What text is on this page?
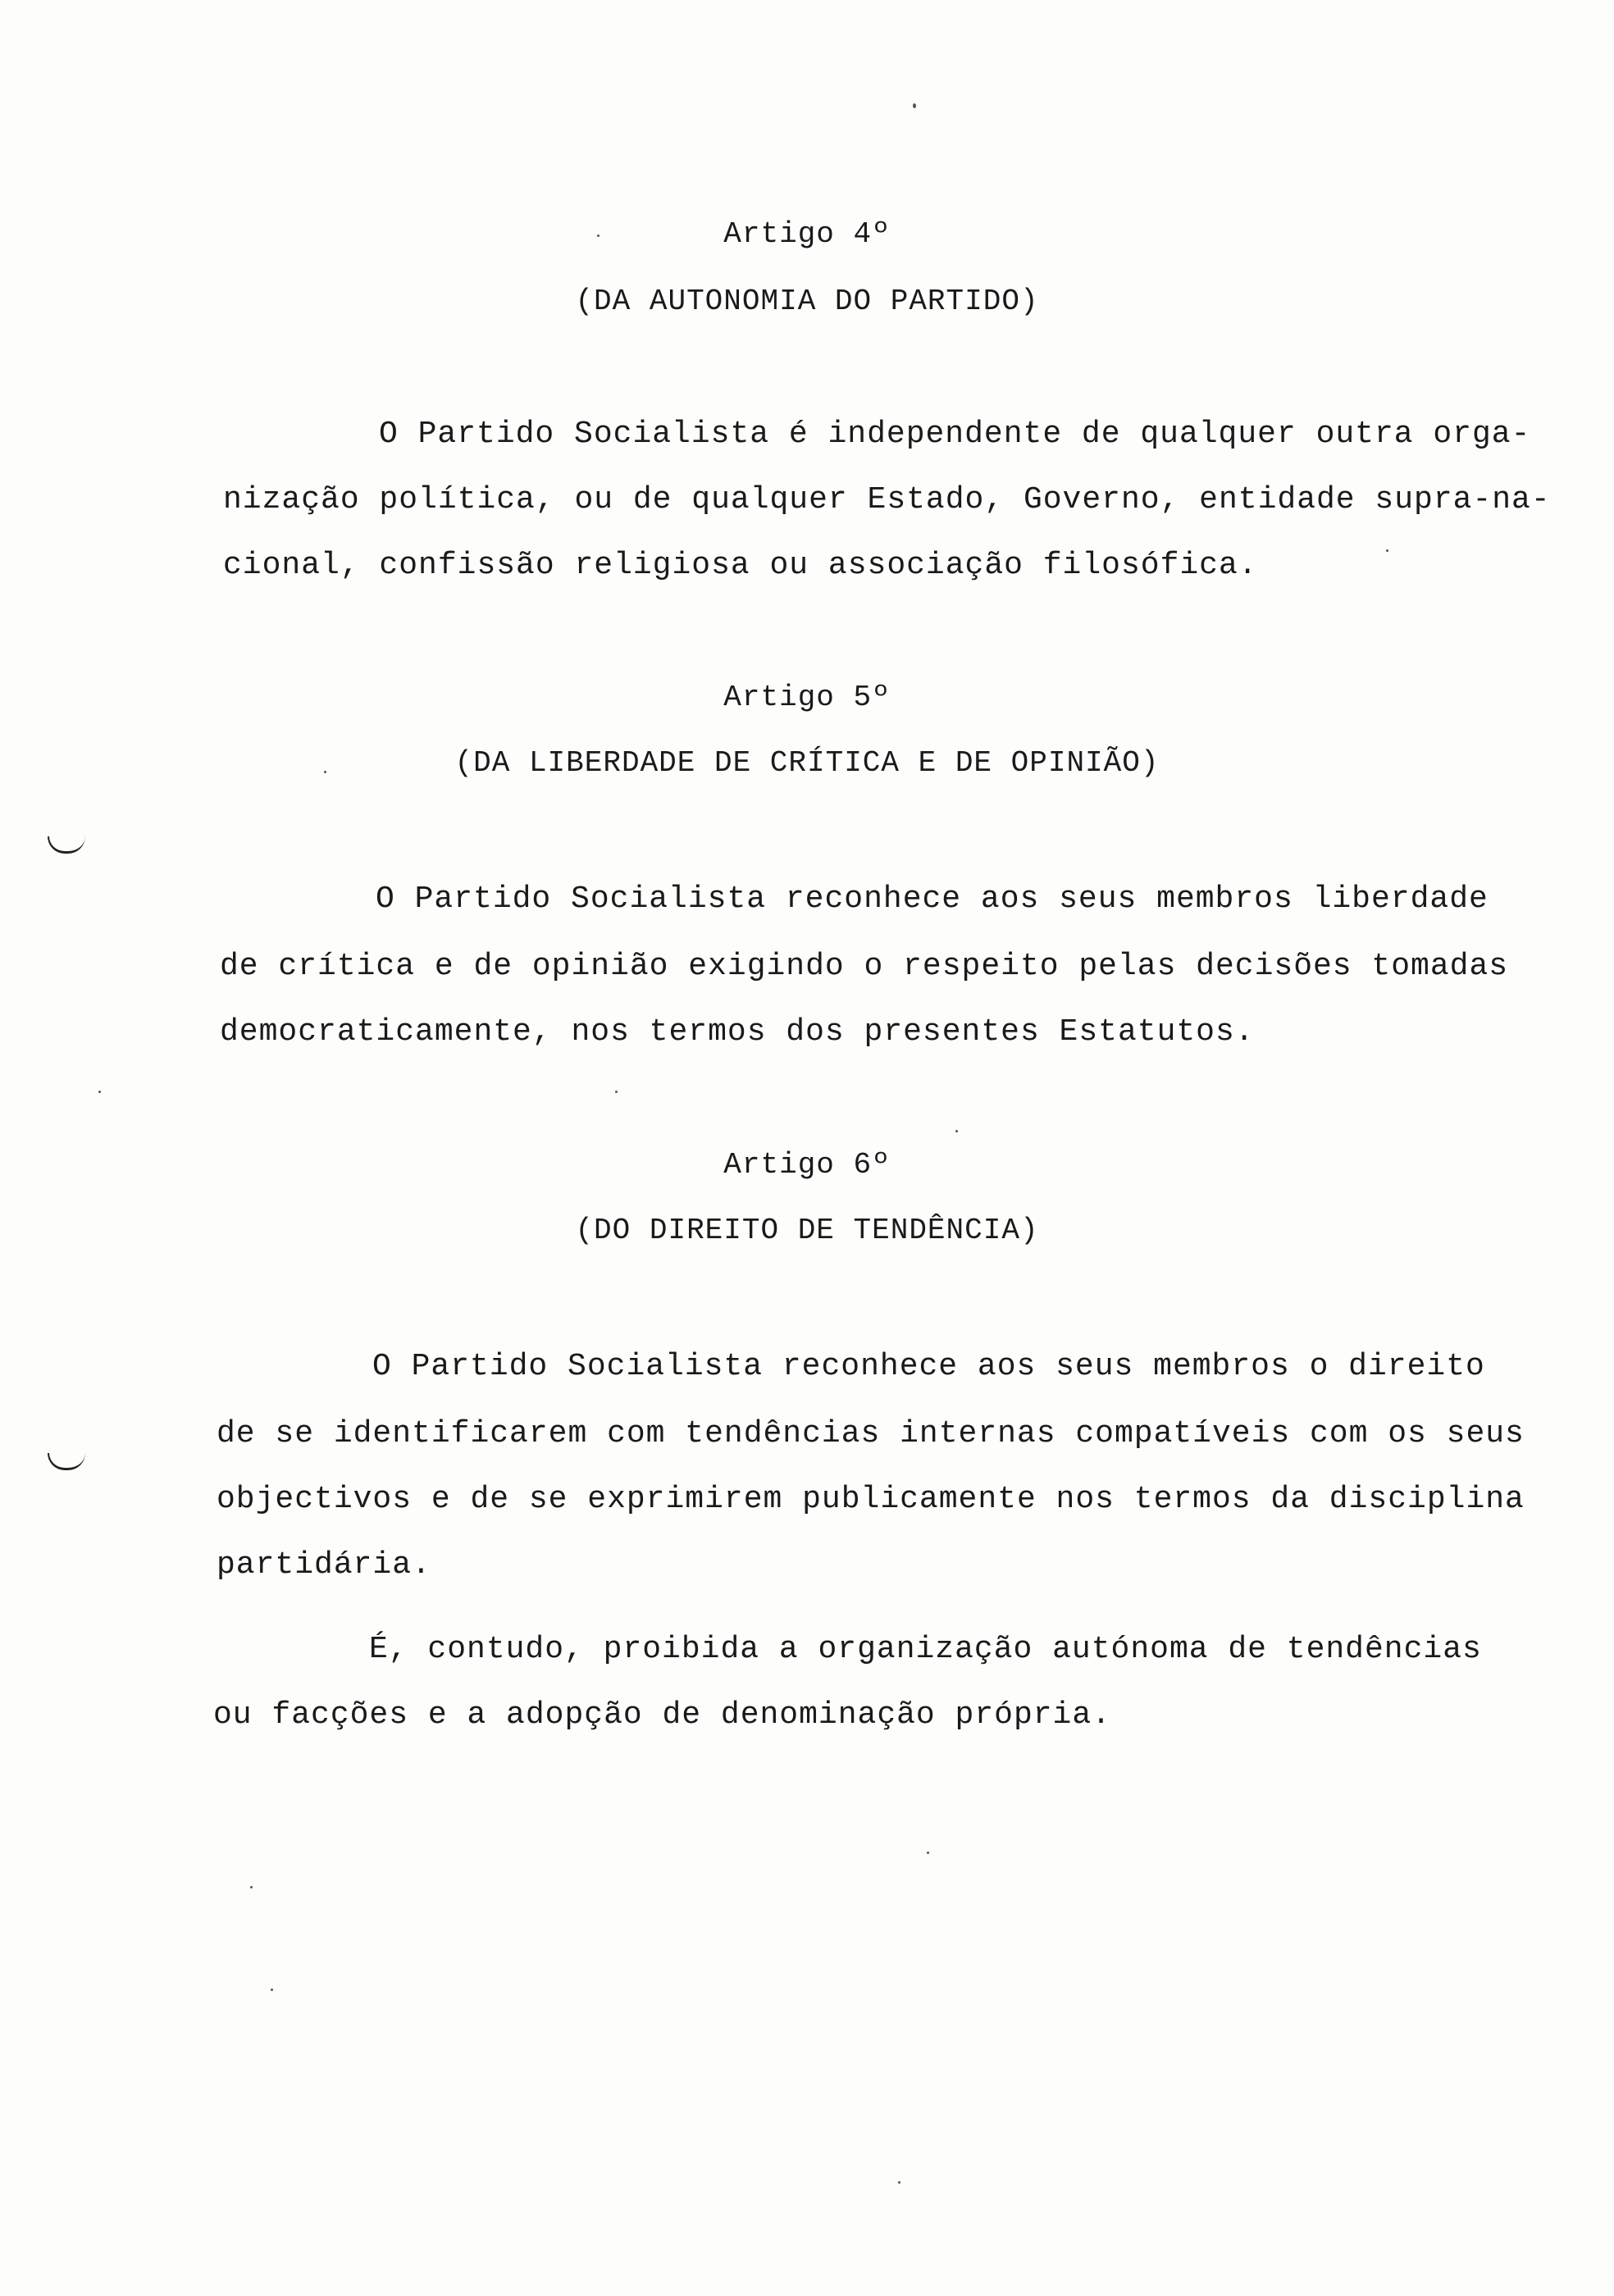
Artigo 4º
(DA AUTONOMIA DO PARTIDO)
O Partido Socialista é independente de qualquer outra orga-
nização política, ou de qualquer Estado, Governo, entidade supra-na-
cional, confissão religiosa ou associação filosófica.
Artigo 5º
(DA LIBERDADE DE CRÍTICA E DE OPINIÃO)
O Partido Socialista reconhece aos seus membros liberdade
de crítica e de opinião exigindo o respeito pelas decisões tomadas
democraticamente, nos termos dos presentes Estatutos.
Artigo 6º
(DO DIREITO DE TENDÊNCIA)
O Partido Socialista reconhece aos seus membros o direito
de se identificarem com tendências internas compatíveis com os seus
objectivos e de se exprimirem publicamente nos termos da disciplina
partidária.
É, contudo, proibida a organização autónoma de tendências
ou facções e a adopção de denominação própria.
